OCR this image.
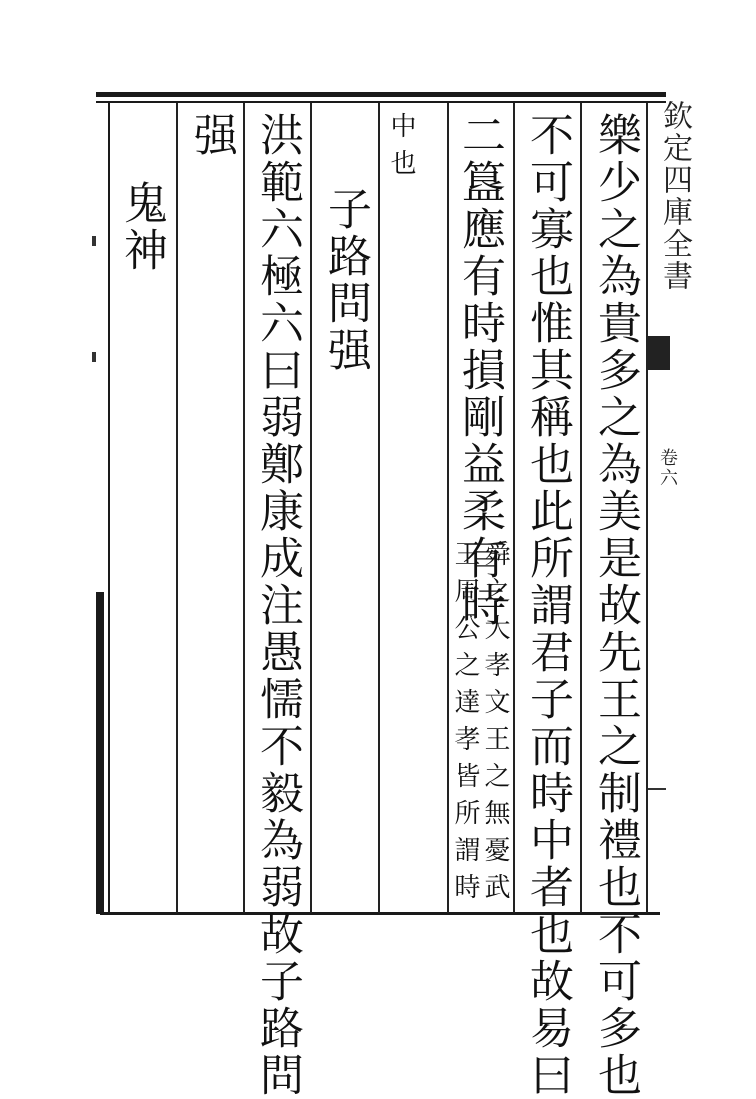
欽定四庫全書
卷六
樂少之為貴多之為美是故先王之制禮也不可多也
不可寡也惟其稱也此所謂君子而時中者也故易曰
二簋應有時損剛益柔有時
舜之大孝文王之無憂武
王周公之達孝皆所謂時
中也
子路問强
洪範六極六曰弱鄭康成注愚懦不毅為弱故子路問
强
鬼神
